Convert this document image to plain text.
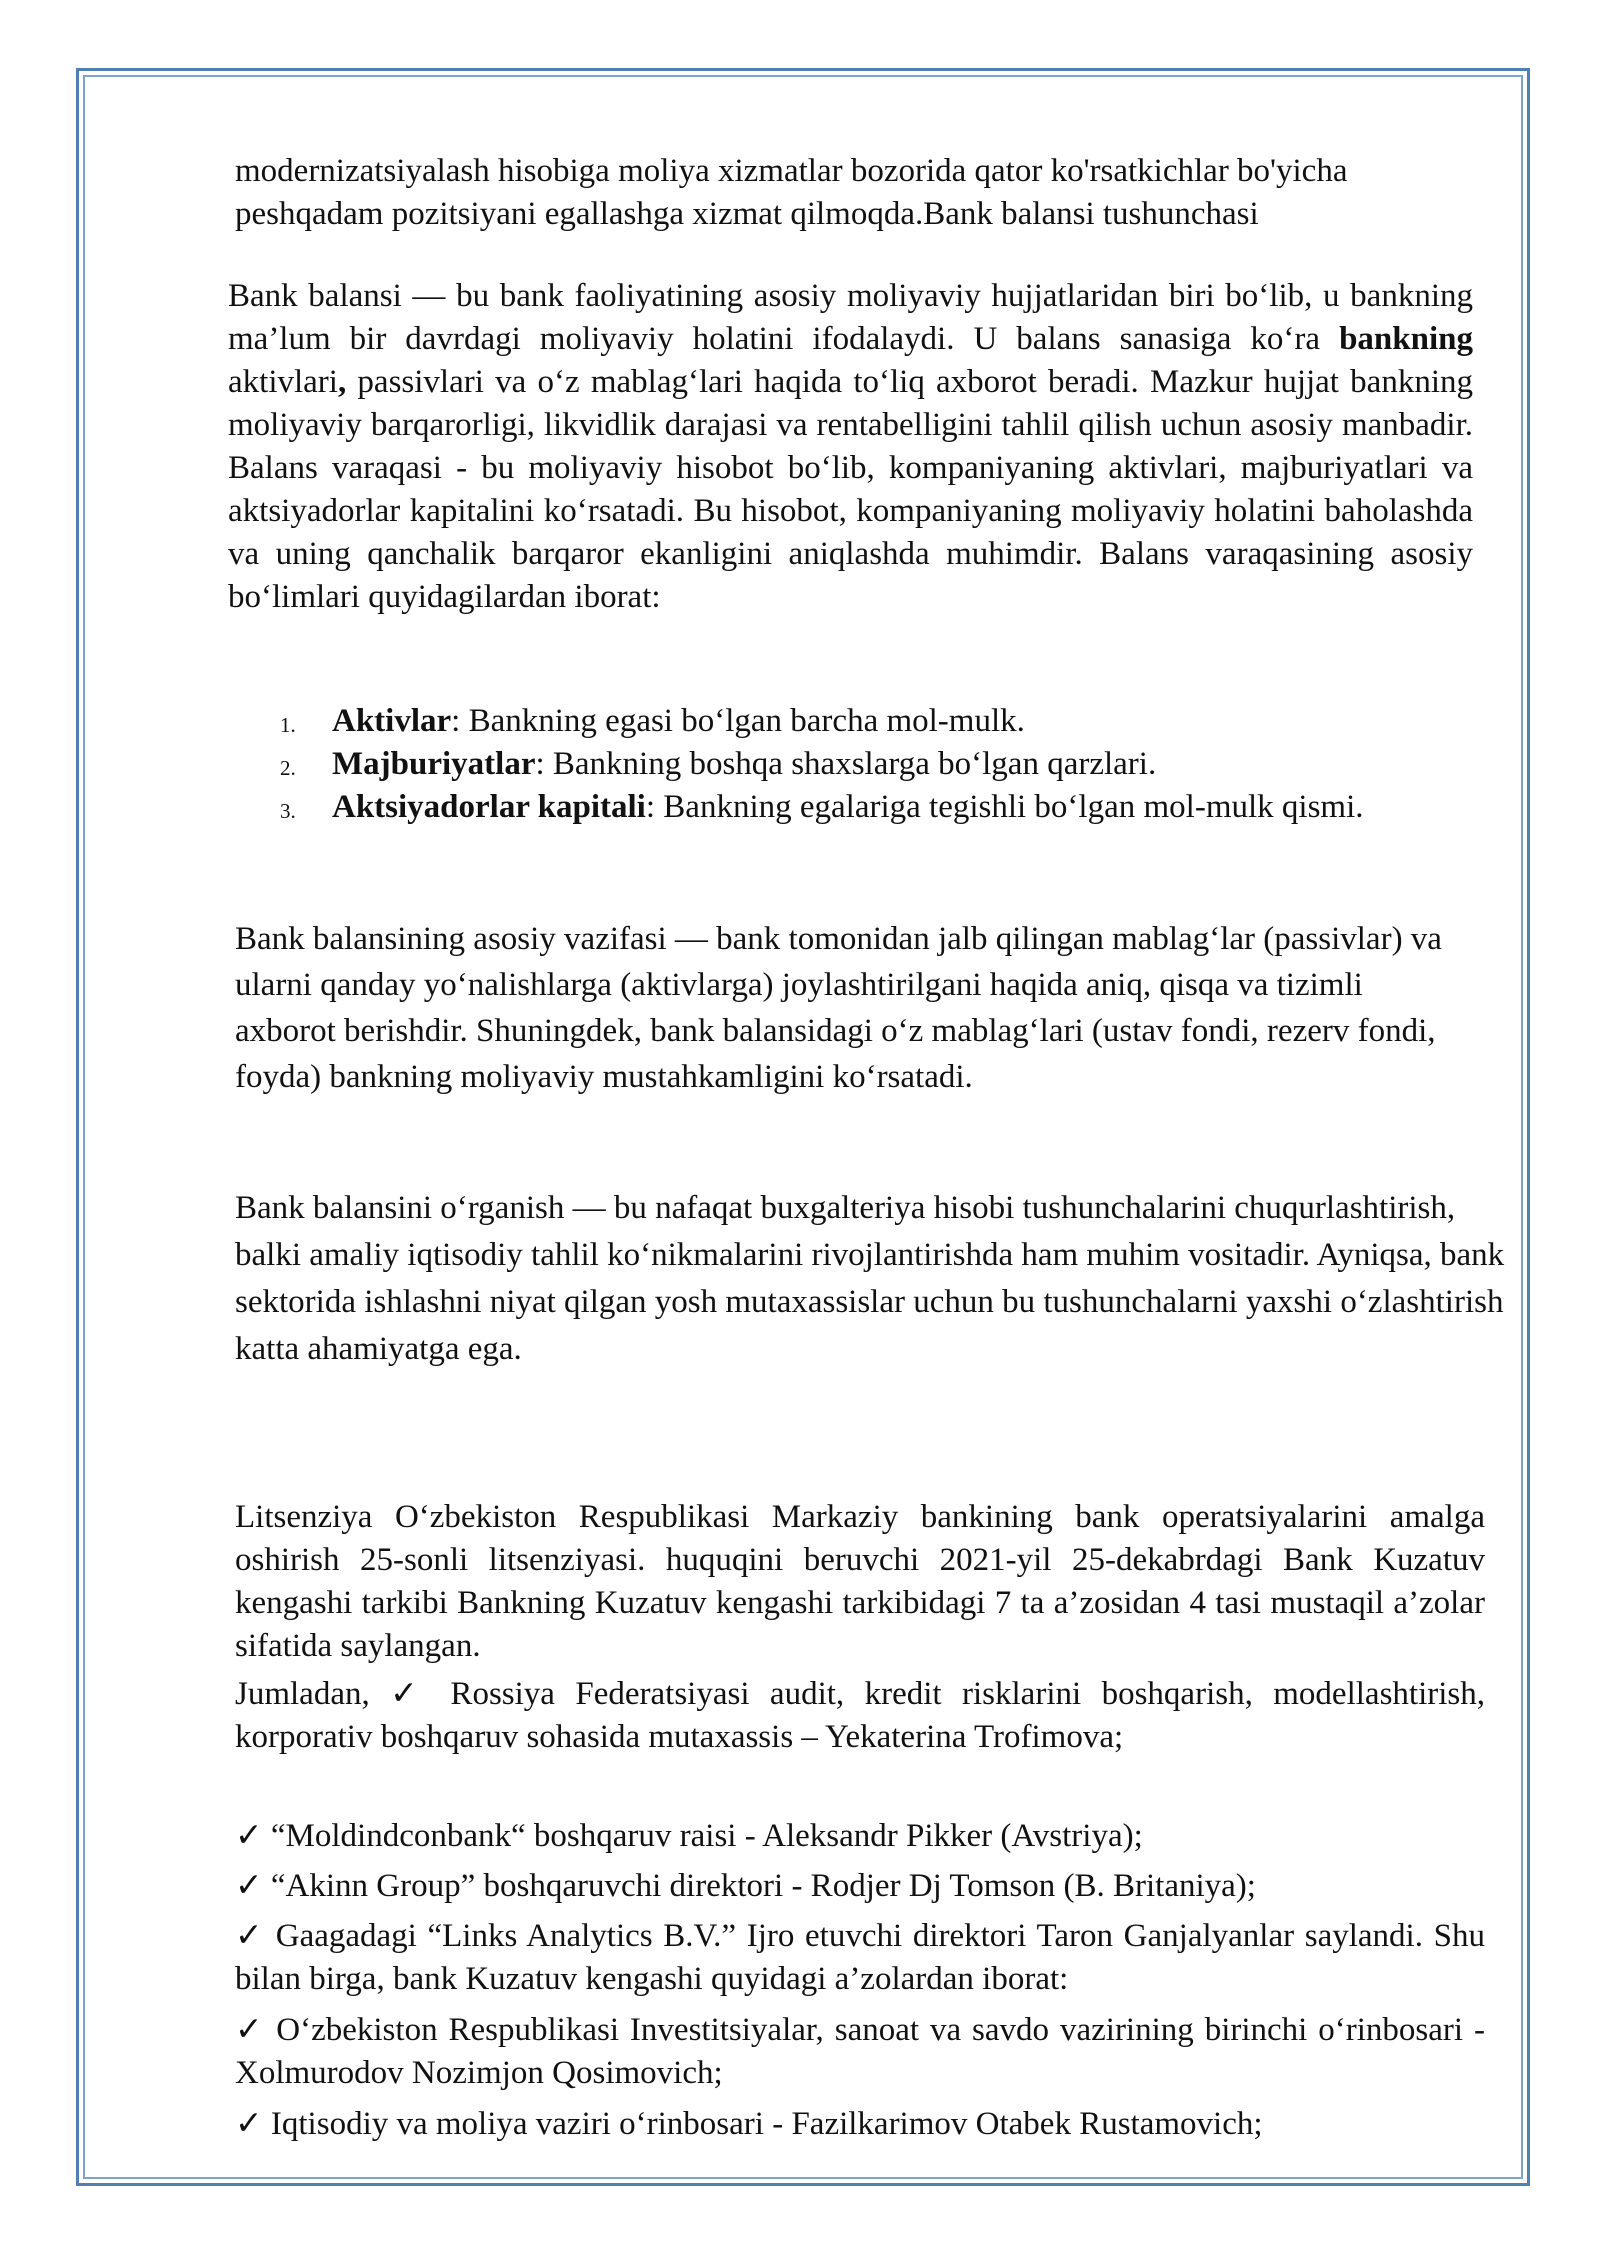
modernizatsiyalash hisobiga moliya xizmatlar bozorida qator ko'rsatkichlar bo'yicha
peshqadam pozitsiyani egallashga xizmat qilmoqda.Bank balansi tushunchasi

Bank balansi — bu bank faoliyatining asosiy moliyaviy hujjatlaridan biri bo‘lib, u bankning ma’lum bir davrdagi moliyaviy holatini ifodalaydi. U balans sanasiga ko‘ra bankning aktivlari, passivlari va o‘z mablag‘lari haqida to‘liq axborot beradi. Mazkur hujjat bankning moliyaviy barqarorligi, likvidlik darajasi va rentabelligini tahlil qilish uchun asosiy manbadir. Balans varaqasi - bu moliyaviy hisobot bo‘lib, kompaniyaning aktivlari, majburiyatlari va aktsiyadorlar kapitalini ko‘rsatadi. Bu hisobot, kompaniyaning moliyaviy holatini baholashda va uning qanchalik barqaror ekanligini aniqlashda muhimdir. Balans varaqasining asosiy bo‘limlari quyidagilardan iborat:

1. Aktivlar: Bankning egasi bo‘lgan barcha mol-mulk.
2. Majburiyatlar: Bankning boshqa shaxslarga bo‘lgan qarzlari.
3. Aktsiyadorlar kapitali: Bankning egalariga tegishli bo‘lgan mol-mulk qismi.

Bank balansining asosiy vazifasi — bank tomonidan jalb qilingan mablag‘lar (passivlar) va ularni qanday yo‘nalishlarga (aktivlarga) joylashtirilgani haqida aniq, qisqa va tizimli axborot berishdir. Shuningdek, bank balansidagi o‘z mablag‘lari (ustav fondi, rezerv fondi, foyda) bankning moliyaviy mustahkamligini ko‘rsatadi.

Bank balansini o‘rganish — bu nafaqat buxgalteriya hisobi tushunchalarini chuqurlashtirish, balki amaliy iqtisodiy tahlil ko‘nikmalarini rivojlantirishda ham muhim vositadir. Ayniqsa, bank sektorida ishlashni niyat qilgan yosh mutaxassislar uchun bu tushunchalarni yaxshi o‘zlashtirish katta ahamiyatga ega.

Litsenziya O‘zbekiston Respublikasi Markaziy bankining bank operatsiyalarini amalga oshirish 25-sonli litsenziyasi. huquqini beruvchi 2021-yil 25-dekabrdagi Bank Kuzatuv kengashi tarkibi Bankning Kuzatuv kengashi tarkibidagi 7 ta a’zosidan 4 tasi mustaqil a’zolar sifatida saylangan.

Jumladan, ✓ Rossiya Federatsiyasi audit, kredit risklarini boshqarish, modellashtirish, korporativ boshqaruv sohasida mutaxassis – Yekaterina Trofimova;

✓ “Moldindconbank“ boshqaruv raisi - Aleksandr Pikker (Avstriya);

✓ “Akinn Group” boshqaruvchi direktori - Rodjer Dj Tomson (B. Britaniya);

✓ Gaagadagi “Links Analytics B.V.” Ijro etuvchi direktori Taron Ganjalyanlar saylandi. Shu bilan birga, bank Kuzatuv kengashi quyidagi a’zolardan iborat:

✓ O‘zbekiston Respublikasi Investitsiyalar, sanoat va savdo vazirining birinchi o‘rinbosari - Xolmurodov Nozimjon Qosimovich;

✓ Iqtisodiy va moliya vaziri o‘rinbosari - Fazilkarimov Otabek Rustamovich;
